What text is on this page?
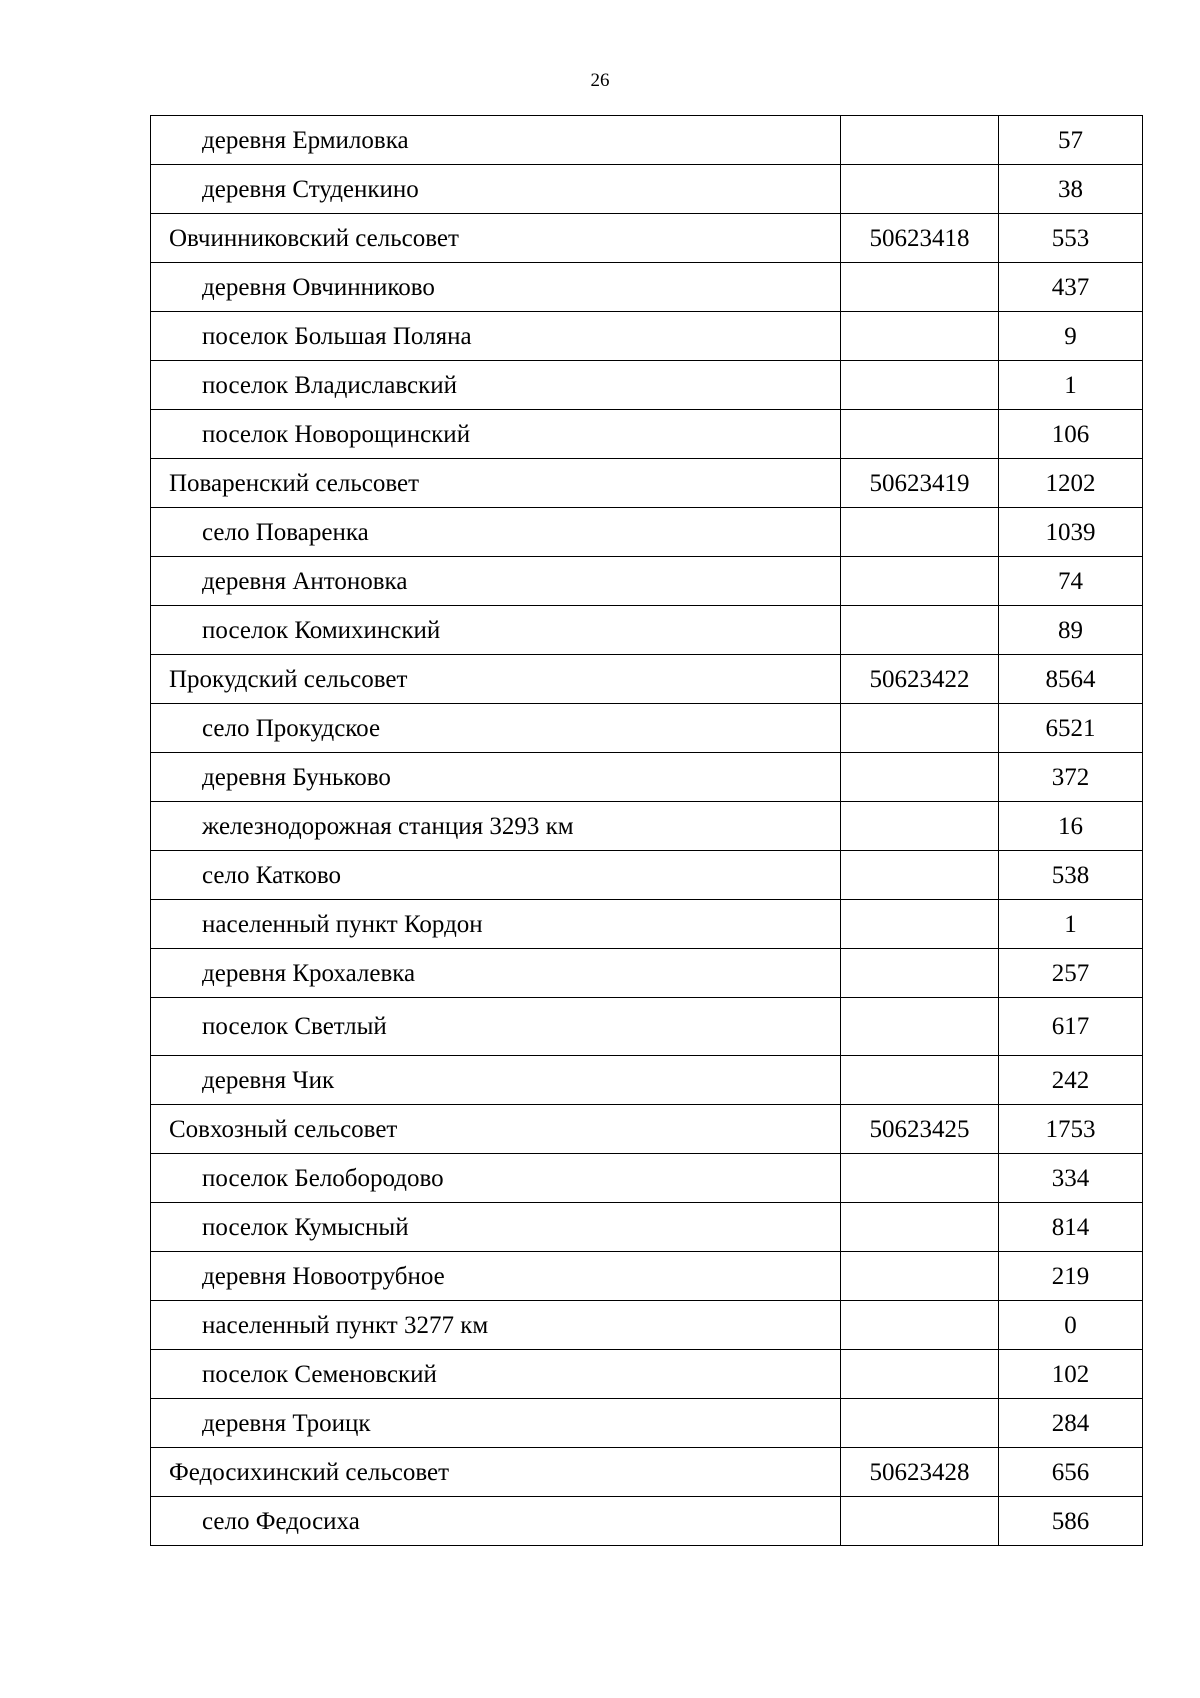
26
деревня Ермиловка		57
деревня Студенкино		38
Овчинниковский сельсовет	50623418	553
деревня Овчинниково		437
поселок Большая Поляна		9
поселок Владиславский		1
поселок Новорощинский		106
Поваренский сельсовет	50623419	1202
село Поваренка		1039
деревня Антоновка		74
поселок Комихинский		89
Прокудский сельсовет	50623422	8564
село Прокудское		6521
деревня Буньково		372
железнодорожная станция 3293 км		16
село Катково		538
населенный пункт Кордон		1
деревня Крохалевка		257
поселок Светлый		617
деревня Чик		242
Совхозный сельсовет	50623425	1753
поселок Белобородово		334
поселок Кумысный		814
деревня Новоотрубное		219
населенный пункт 3277 км		0
поселок Семеновский		102
деревня Троицк		284
Федосихинский сельсовет	50623428	656
село Федосиха		586
